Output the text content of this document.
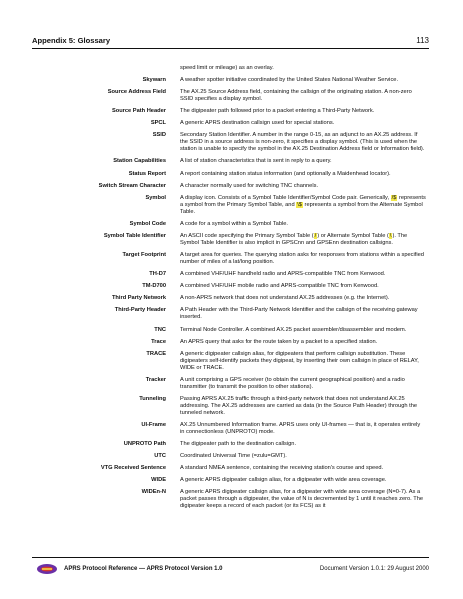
Appendix 5: Glossary	113
speed limit or mileage) as an overlay.
Skywarn	A weather spotter initiative coordinated by the United States National Weather Service.
Source Address Field	The AX.25 Source Address field, containing the callsign of the originating station. A non-zero SSID specifies a display symbol.
Source Path Header	The digipeater path followed prior to a packet entering a Third-Party Network.
SPCL	A generic APRS destination callsign used for special stations.
SSID	Secondary Station Identifier. A number in the range 0-15, as an adjunct to an AX.25 address. If the SSID in a source address is non-zero, it specifies a display symbol. (This is used when the station is unable to specify the symbol in the AX.25 Destination Address field or Information field).
Station Capabilities	A list of station characteristics that is sent in reply to a query.
Status Report	A report containing station status information (and optionally a Maidenhead locator).
Switch Stream Character	A character normally used for switching TNC channels.
Symbol	A display icon. Consists of a Symbol Table Identifier/Symbol Code pair. Generically, /$ represents a symbol from the Primary Symbol Table, and \$ represents a symbol from the Alternate Symbol Table.
Symbol Code	A code for a symbol within a Symbol Table.
Symbol Table Identifier	An ASCII code specifying the Primary Symbol Table (/) or Alternate Symbol Table (\). The Symbol Table Identifier is also implicit in GPSCnn and GPSEnn destination callsigns.
Target Footprint	A target area for queries. The querying station asks for responses from stations within a specified number of miles of a lat/long position.
TH-D7	A combined VHF/UHF handheld radio and APRS-compatible TNC from Kenwood.
TM-D700	A combined VHF/UHF mobile radio and APRS-compatible TNC from Kenwood.
Third Party Network	A non-APRS network that does not understand AX.25 addresses (e.g. the Internet).
Third-Party Header	A Path Header with the Third-Party Network Identifier and the callsign of the receiving gateway inserted.
TNC	Terminal Node Controller. A combined AX.25 packet assembler/disassembler and modem.
Trace	An APRS query that asks for the route taken by a packet to a specified station.
TRACE	A generic digipeater callsign alias, for digipeaters that perform callsign substitution. These digipeaters self-identify packets they digipeat, by inserting their own callsign in place of RELAY, WIDE or TRACE.
Tracker	A unit comprising a GPS receiver (to obtain the current geographical position) and a radio transmitter (to transmit the position to other stations).
Tunneling	Passing APRS AX.25 traffic through a third-party network that does not understand AX.25 addressing. The AX.25 addresses are carried as data (in the Source Path Header) through the tunneled network.
UI-Frame	AX.25 Unnumbered Information frame. APRS uses only UI-frames — that is, it operates entirely in connectionless (UNPROTO) mode.
UNPROTO Path	The digipeater path to the destination callsign.
UTC	Coordinated Universal Time (=zulu=GMT).
VTG Received Sentence	A standard NMEA sentence, containing the receiving station's course and speed.
WIDE	A generic APRS digipeater callsign alias, for a digipeater with wide area coverage.
WIDEn-N	A generic APRS digipeater callsign alias, for a digipeater with wide area coverage (N=0-7). As a packet passes through a digipeater, the value of N is decremented by 1 until it reaches zero. The digipeater keeps a record of each packet (or its FCS) as it
APRS Protocol Reference — APRS Protocol Version 1.0	Document Version 1.0.1: 29 August 2000
